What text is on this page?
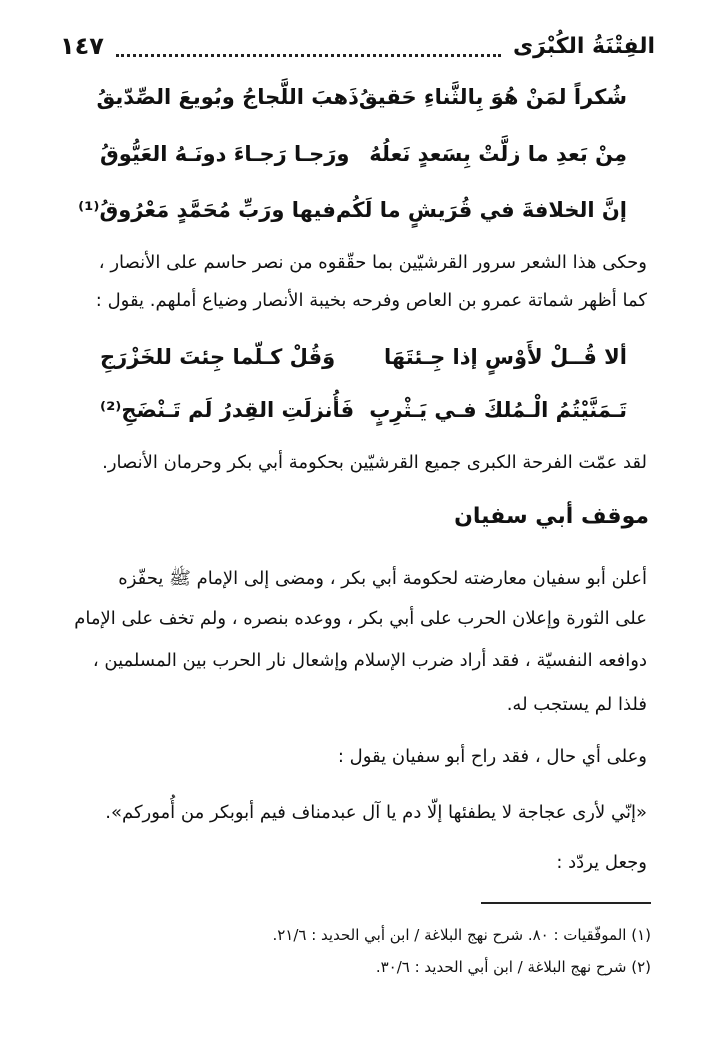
الفِتْنَةُ الكُبْرَى
١٤٧
شُكراً لمَنْ هُوَ بِالثَّناءِ حَقيقُ
ذَهبَ اللَّجاجُ وبُويعَ الصِّدّيقُ
مِنْ بَعدِ ما زلَّتْ بِسَعدٍ نَعلُهُ
ورَجـا رَجـاءَ دونَـهُ العَيُّوقُ
إنَّ الخلافةَ في قُرَيشٍ ما لَكُم
فيها ورَبِّ مُحَمَّدٍ مَعْرُوقُ⁽¹⁾
وحكى هذا الشعر سرور القرشيّين بما حقّقوه من نصر حاسم على الأنصار ،
كما أظهر شماتة عمرو بن العاص وفرحه بخيبة الأنصار وضياع أملهم. يقول :
ألا قُــلْ لأَوْسٍ إذا جِـئتَهَا
وَقُلْ كـلّما جِئتَ للخَزْرَجِ
تَـمَنَّيْتُمُ الْـمُلكَ فـي يَـثْرِبٍ
فَأُنزلَتِ القِدرُ لَم تَـنْضَجِ⁽²⁾
لقد عمّت الفرحة الكبرى جميع القرشيّين بحكومة أبي بكر وحرمان الأنصار.
موقف أبي سفيان
أعلن أبو سفيان معارضته لحكومة أبي بكر ، ومضى إلى الإمام ﷺ يحفّزه
على الثورة وإعلان الحرب على أبي بكر ، ووعده بنصره ، ولم تخف على الإمام
دوافعه النفسيّة ، فقد أراد ضرب الإسلام وإشعال نار الحرب بين المسلمين ،
فلذا لم يستجب له.
وعلى أي حال ، فقد راح أبو سفيان يقول :
«إنّي لأرى عجاجة لا يطفئها إلّا دم يا آل عبدمناف فيم أبوبكر من أُموركم».
وجعل يردّد :
(١) الموفّقيات : ٨٠. شرح نهج البلاغة / ابن أبي الحديد : ٢١/٦.
(٢) شرح نهج البلاغة / ابن أبي الحديد : ٣٠/٦.
